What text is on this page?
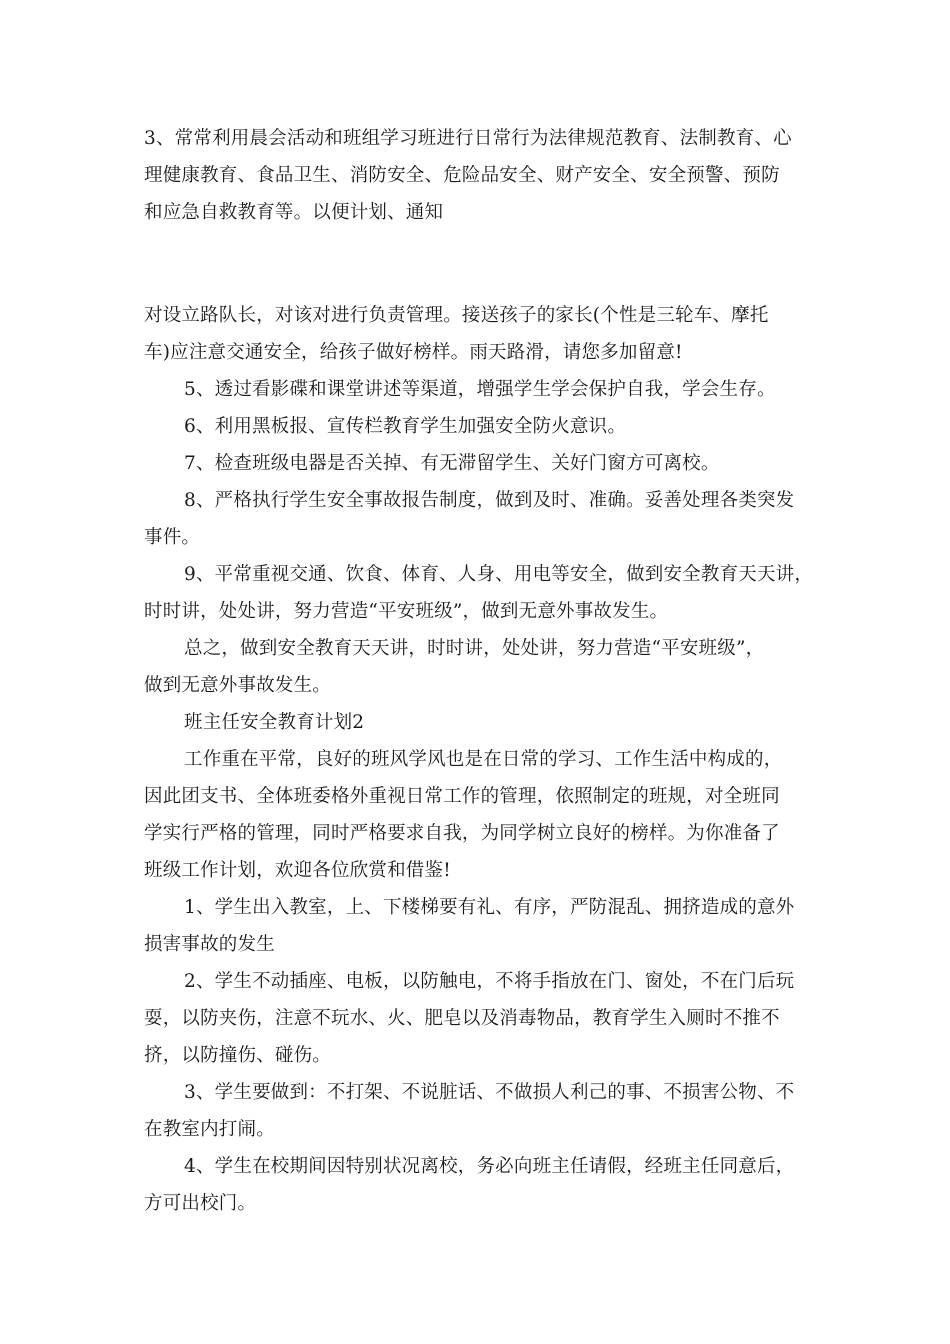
3、常常利用晨会活动和班组学习班进行日常行为法律规范教育、法制教育、心
理健康教育、食品卫生、消防安全、危险品安全、财产安全、安全预警、预防
和应急自救教育等。以便计划、通知
对设立路队长，对该对进行负责管理。接送孩子的家长(个性是三轮车、摩托
车)应注意交通安全，给孩子做好榜样。雨天路滑，请您多加留意!
5、透过看影碟和课堂讲述等渠道，增强学生学会保护自我，学会生存。
6、利用黑板报、宣传栏教育学生加强安全防火意识。
7、检查班级电器是否关掉、有无滞留学生、关好门窗方可离校。
8、严格执行学生安全事故报告制度，做到及时、准确。妥善处理各类突发
事件。
9、平常重视交通、饮食、体育、人身、用电等安全，做到安全教育天天讲，
时时讲，处处讲，努力营造“平安班级”，做到无意外事故发生。
总之，做到安全教育天天讲，时时讲，处处讲，努力营造“平安班级”，
做到无意外事故发生。
班主任安全教育计划2
工作重在平常，良好的班风学风也是在日常的学习、工作生活中构成的，
因此团支书、全体班委格外重视日常工作的管理，依照制定的班规，对全班同
学实行严格的管理，同时严格要求自我，为同学树立良好的榜样。为你准备了
班级工作计划，欢迎各位欣赏和借鉴!
1、学生出入教室，上、下楼梯要有礼、有序，严防混乱、拥挤造成的意外
损害事故的发生
2、学生不动插座、电板，以防触电，不将手指放在门、窗处，不在门后玩
耍，以防夹伤，注意不玩水、火、肥皂以及消毒物品，教育学生入厕时不推不
挤，以防撞伤、碰伤。
3、学生要做到：不打架、不说脏话、不做损人利己的事、不损害公物、不
在教室内打闹。
4、学生在校期间因特别状况离校，务必向班主任请假，经班主任同意后，
方可出校门。
